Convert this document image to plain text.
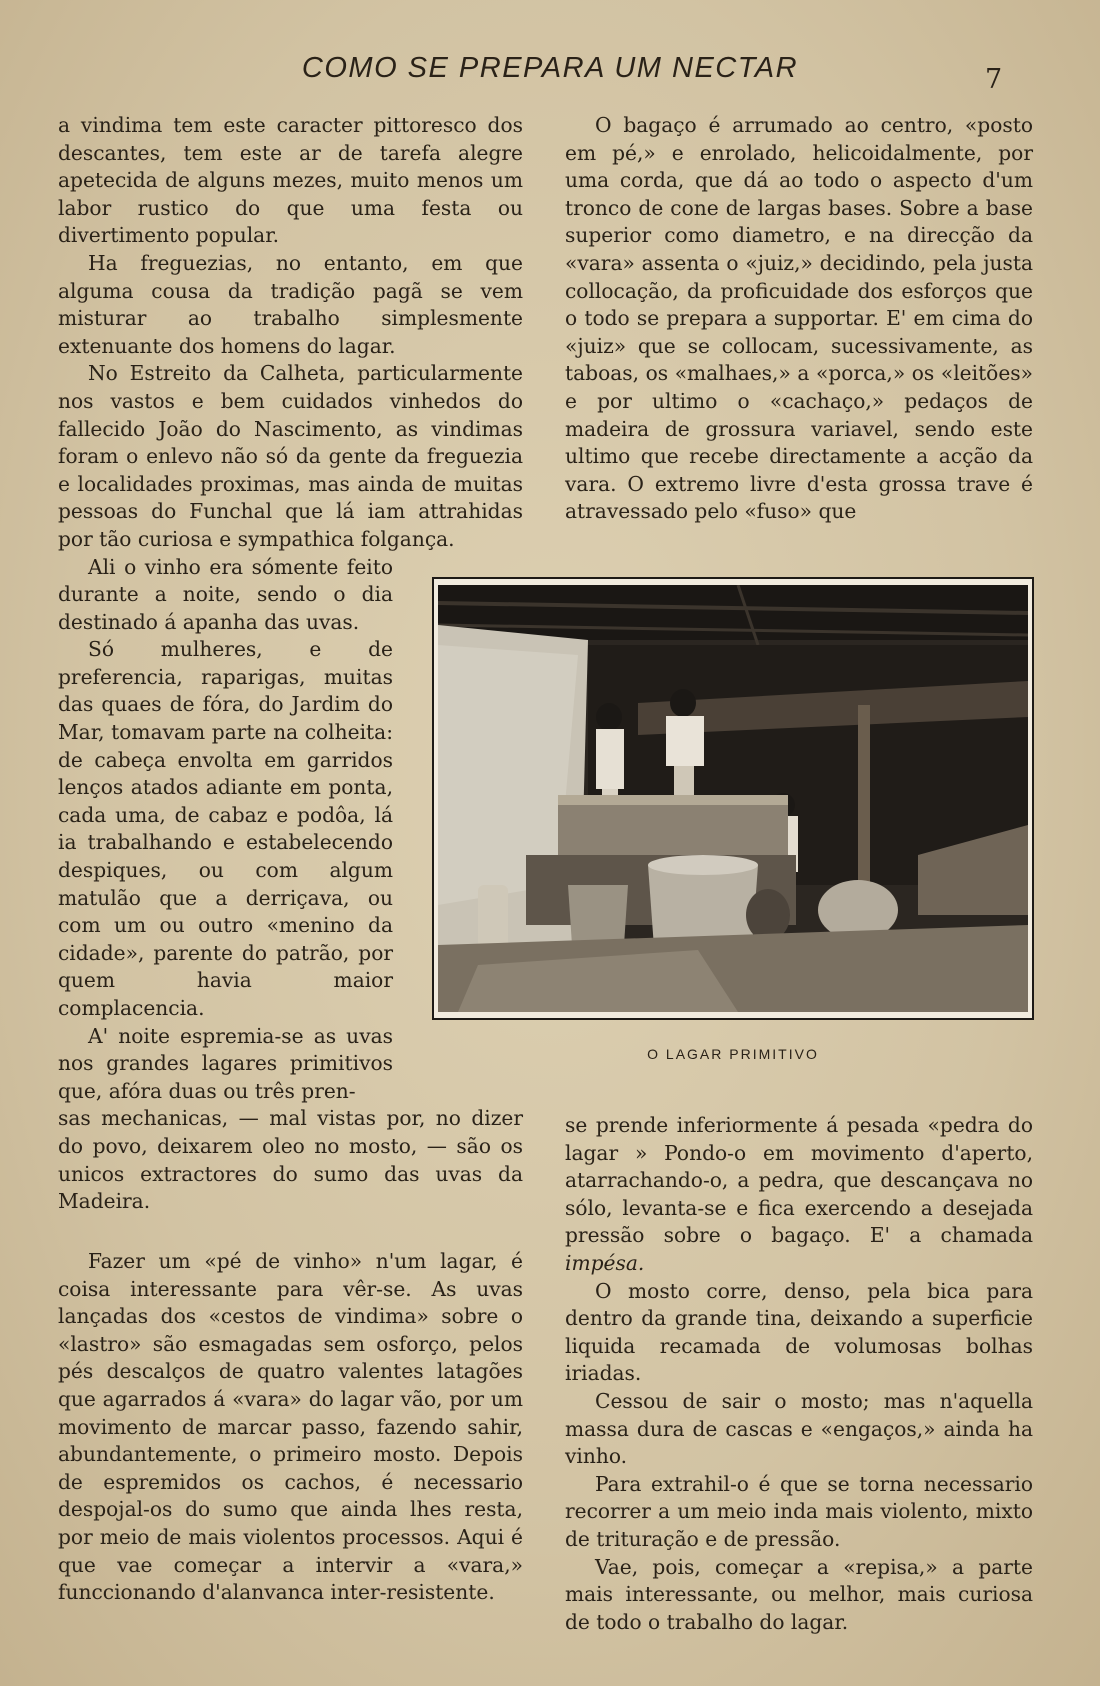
COMO SE PREPARA UM NECTAR	7

a vindima tem este caracter pittoresco dos descantes, tem este ar de tarefa alegre apetecida de alguns mezes, muito menos um labor rustico do que uma festa ou divertimento popular.

Ha freguezias, no entanto, em que alguma cousa da tradição pagã se vem misturar ao trabalho simplesmente extenuante dos homens do lagar.

No Estreito da Calheta, particularmente nos vastos e bem cuidados vinhedos do fallecido João do Nascimento, as vindimas foram o enlevo não só da gente da freguezia e localidades proximas, mas ainda de muitas pessoas do Funchal que lá iam attrahidas por tão curiosa e sympathica folgança.

Ali o vinho era sómente feito durante a noite, sendo o dia destinado á apanha das uvas.

Só mulheres, e de preferencia, raparigas, muitas das quaes de fóra, do Jardim do Mar, tomavam parte na colheita: de cabeça envolta em garridos lenços atados adiante em ponta, cada uma, de cabaz e podôa, lá ia trabalhando e estabelecendo despiques, ou com algum matulão que a derriçava, ou com um ou outro «menino da cidade», parente do patrão, por quem havia maior complacencia.

A' noite espremia-se as uvas nos grandes lagares primitivos que, afóra duas ou três pren-

sas mechanicas, — mal vistas por, no dizer do povo, deixarem oleo no mosto, — são os unicos extractores do sumo das uvas da Madeira.

Fazer um «pé de vinho» n'um lagar, é coisa interessante para vêr-se. As uvas lançadas dos «cestos de vindima» sobre o «lastro» são esmagadas sem osforço, pelos pés descalços de quatro valentes latagões que agarrados á «vara» do lagar vão, por um movimento de marcar passo, fazendo sahir, abundantemente, o primeiro mosto. Depois de espremidos os cachos, é necessario despojal-os do sumo que ainda lhes resta, por meio de mais violentos processos. Aqui é que vae começar a intervir a «vara,» funccionando d'alanvanca inter-resistente.

O bagaço é arrumado ao centro, «posto em pé,» e enrolado, helicoidalmente, por uma corda, que dá ao todo o aspecto d'um tronco de cone de largas bases. Sobre a base superior como diametro, e na direcção da «vara» assenta o «juiz,» decidindo, pela justa collocação, da proficuidade dos esforços que o todo se prepara a supportar. E' em cima do «juiz» que se collocam, sucessivamente, as taboas, os «malhaes,» a «porca,» os «leitões» e por ultimo o «cachaço,» pedaços de madeira de grossura variavel, sendo este ultimo que recebe directamente a acção da vara. O extremo livre d'esta grossa trave é atravessado pelo «fuso» que

O LAGAR PRIMITIVO

se prende inferiormente á pesada «pedra do lagar » Pondo-o em movimento d'aperto, atarrachando-o, a pedra, que descançava no sólo, levanta-se e fica exercendo a desejada pressão sobre o bagaço. E' a chamada impésa.

O mosto corre, denso, pela bica para dentro da grande tina, deixando a superficie liquida recamada de volumosas bolhas iriadas.

Cessou de sair o mosto; mas n'aquella massa dura de cascas e «engaços,» ainda ha vinho.

Para extrahil-o é que se torna necessario recorrer a um meio inda mais violento, mixto de trituração e de pressão.

Vae, pois, começar a «repisa,» a parte mais interessante, ou melhor, mais curiosa de todo o trabalho do lagar.
